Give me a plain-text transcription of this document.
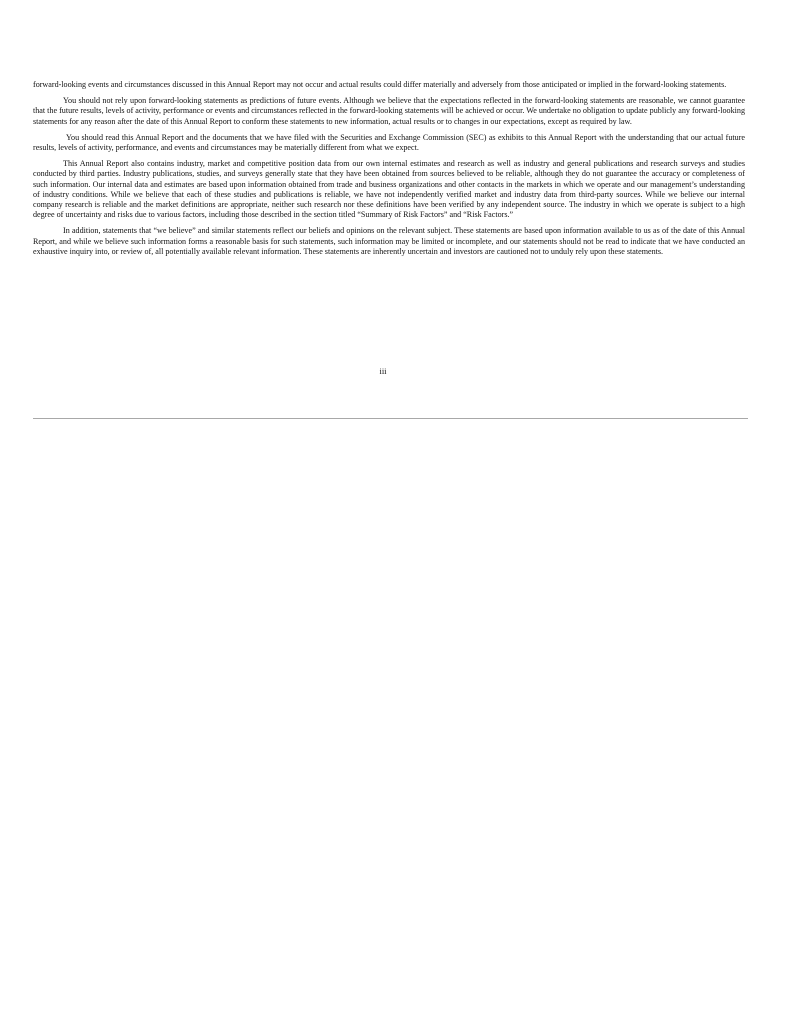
forward-looking events and circumstances discussed in this Annual Report may not occur and actual results could differ materially and adversely from those anticipated or implied in the forward-looking statements.

You should not rely upon forward-looking statements as predictions of future events. Although we believe that the expectations reflected in the forward-looking statements are reasonable, we cannot guarantee that the future results, levels of activity, performance or events and circumstances reflected in the forward-looking statements will be achieved or occur. We undertake no obligation to update publicly any forward-looking statements for any reason after the date of this Annual Report to conform these statements to new information, actual results or to changes in our expectations, except as required by law.

You should read this Annual Report and the documents that we have filed with the Securities and Exchange Commission (SEC) as exhibits to this Annual Report with the understanding that our actual future results, levels of activity, performance, and events and circumstances may be materially different from what we expect.

This Annual Report also contains industry, market and competitive position data from our own internal estimates and research as well as industry and general publications and research surveys and studies conducted by third parties. Industry publications, studies, and surveys generally state that they have been obtained from sources believed to be reliable, although they do not guarantee the accuracy or completeness of such information. Our internal data and estimates are based upon information obtained from trade and business organizations and other contacts in the markets in which we operate and our management’s understanding of industry conditions. While we believe that each of these studies and publications is reliable, we have not independently verified market and industry data from third-party sources. While we believe our internal company research is reliable and the market definitions are appropriate, neither such research nor these definitions have been verified by any independent source. The industry in which we operate is subject to a high degree of uncertainty and risks due to various factors, including those described in the section titled “Summary of Risk Factors” and “Risk Factors.”

In addition, statements that “we believe” and similar statements reflect our beliefs and opinions on the relevant subject. These statements are based upon information available to us as of the date of this Annual Report, and while we believe such information forms a reasonable basis for such statements, such information may be limited or incomplete, and our statements should not be read to indicate that we have conducted an exhaustive inquiry into, or review of, all potentially available relevant information. These statements are inherently uncertain and investors are cautioned not to unduly rely upon these statements.

iii
